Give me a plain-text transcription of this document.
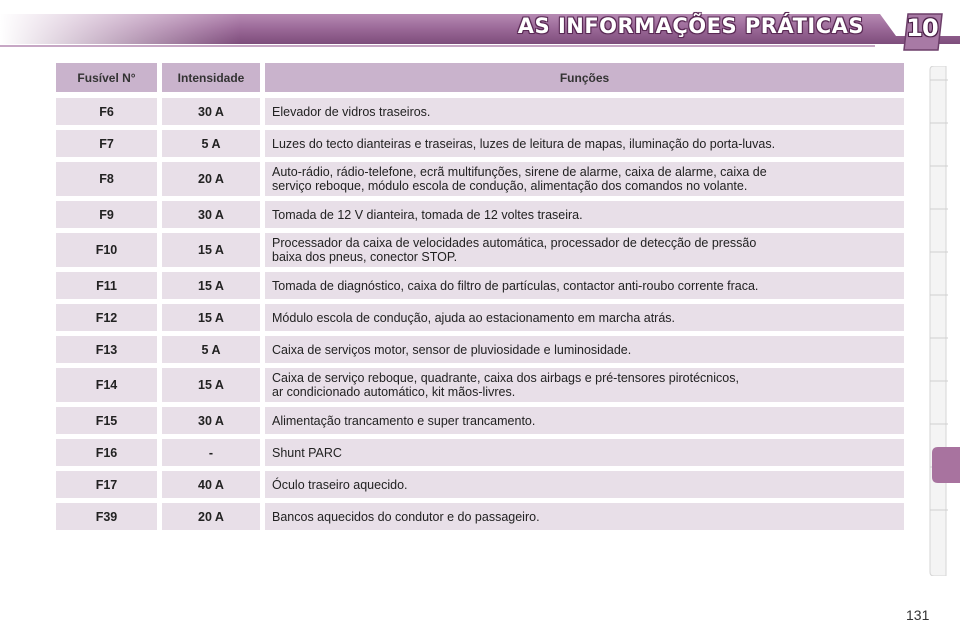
AS INFORMAÇÕES PRÁTICAS 10
Fusível N°	Intensidade	Funções
F6	30 A	Elevador de vidros traseiros.
F7	5 A	Luzes do tecto dianteiras e traseiras, luzes de leitura de mapas, iluminação do porta-luvas.
F8	20 A	Auto-rádio, rádio-telefone, ecrã multifunções, sirene de alarme, caixa de alarme, caixa de
serviço reboque, módulo escola de condução, alimentação dos comandos no volante.
F9	30 A	Tomada de 12 V dianteira, tomada de 12 voltes traseira.
F10	15 A	Processador da caixa de velocidades automática, processador de detecção de pressão
baixa dos pneus, conector STOP.
F11	15 A	Tomada de diagnóstico, caixa do filtro de partículas, contactor anti-roubo corrente fraca.
F12	15 A	Módulo escola de condução, ajuda ao estacionamento em marcha atrás.
F13	5 A	Caixa de serviços motor, sensor de pluviosidade e luminosidade.
F14	15 A	Caixa de serviço reboque, quadrante, caixa dos airbags e pré-tensores pirotécnicos,
ar condicionado automático, kit mãos-livres.
F15	30 A	Alimentação trancamento e super trancamento.
F16	-	Shunt PARC
F17	40 A	Óculo traseiro aquecido.
F39	20 A	Bancos aquecidos do condutor e do passageiro.
131
